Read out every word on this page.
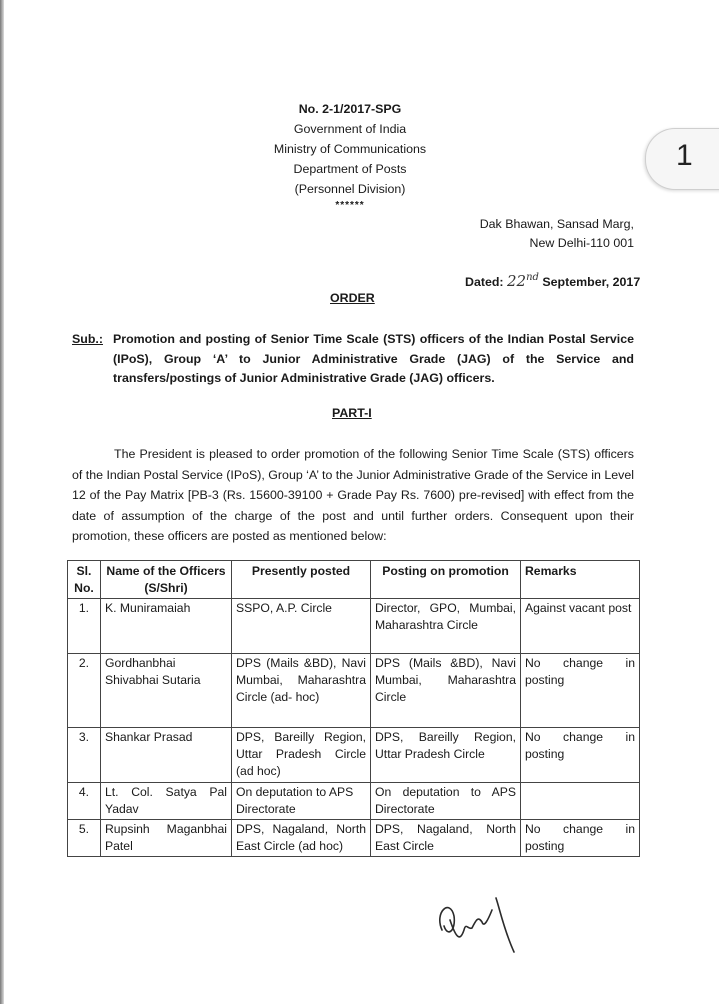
No. 2-1/2017-SPG
Government of India
Ministry of Communications
Department of Posts
(Personnel Division)
******
1
Dak Bhawan, Sansad Marg,
New Delhi-110 001
Dated: 22nd September, 2017
ORDER
Sub.: Promotion and posting of Senior Time Scale (STS) officers of the Indian Postal Service (IPoS), Group ‘A’ to Junior Administrative Grade (JAG) of the Service and transfers/postings of Junior Administrative Grade (JAG) officers.
PART-I
The President is pleased to order promotion of the following Senior Time Scale (STS) officers of the Indian Postal Service (IPoS), Group ‘A’ to the Junior Administrative Grade of the Service in Level 12 of the Pay Matrix [PB-3 (Rs. 15600-39100 + Grade Pay Rs. 7600) pre-revised] with effect from the date of assumption of the charge of the post and until further orders. Consequent upon their promotion, these officers are posted as mentioned below:
Sl. No.	Name of the Officers (S/Shri)	Presently posted	Posting on promotion	Remarks
1.	K. Muniramaiah	SSPO, A.P. Circle	Director, GPO, Mumbai, Maharashtra Circle	Against vacant post
2.	Gordhanbhai Shivabhai Sutaria	DPS (Mails &BD), Navi Mumbai, Maharashtra Circle (ad- hoc)	DPS (Mails &BD), Navi Mumbai, Maharashtra Circle	No change in posting
3.	Shankar Prasad	DPS, Bareilly Region, Uttar Pradesh Circle (ad hoc)	DPS, Bareilly Region, Uttar Pradesh Circle	No change in posting
4.	Lt. Col. Satya Pal Yadav	On deputation to APS Directorate	On deputation to APS Directorate	
5.	Rupsinh Maganbhai Patel	DPS, Nagaland, North East Circle (ad hoc)	DPS, Nagaland, North East Circle	No change in posting
